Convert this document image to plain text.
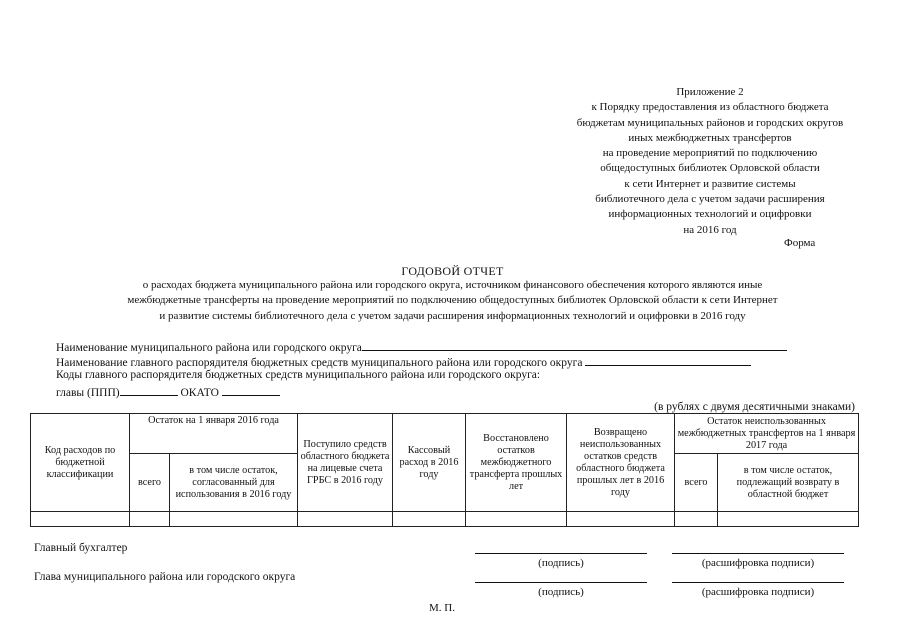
Приложение 2
к Порядку предоставления из областного бюджета
бюджетам муниципальных районов и городских округов
иных межбюджетных трансфертов
на проведение мероприятий по подключению
общедоступных библиотек Орловской области
к сети Интернет и развитие системы
библиотечного дела с учетом задачи расширения
информационных технологий и оцифровки
на 2016 год
Форма
ГОДОВОЙ ОТЧЕТ
о расходах бюджета муниципального района или городского округа, источником финансового обеспечения которого являются иные
межбюджетные трансферты на проведение мероприятий по подключению общедоступных библиотек Орловской области к сети Интернет
и развитие системы библиотечного дела с учетом задачи расширения информационных технологий и оцифровки в 2016 году
Наименование муниципального района или городского округа
Наименование главного распорядителя бюджетных средств муниципального района или городского округа
Коды главного распорядителя бюджетных средств муниципального района или городского округа:
главы (ППП)	ОКАТО
(в рублях с двумя десятичными знаками)
Код расходов по бюджетной классификации	Остаток на 1 января 2016 года		Поступило средств областного бюджета на лицевые счета ГРБС в 2016 году	Кассовый расход в 2016 году	Восстановлено остатков межбюджетного трансферта прошлых лет	Возвращено неиспользованных остатков средств областного бюджета прошлых лет в 2016 году	Остаток неиспользованных межбюджетных трансфертов на 1 января 2017 года	
	всего	в том числе остаток, согласованный для использования в 2016 году					всего	в том числе остаток, подлежащий возврату в областной бюджет

Главный бухгалтер
(подпись)	(расшифровка подписи)
Глава муниципального района или городского округа
(подпись)	(расшифровка подписи)
М. П.
